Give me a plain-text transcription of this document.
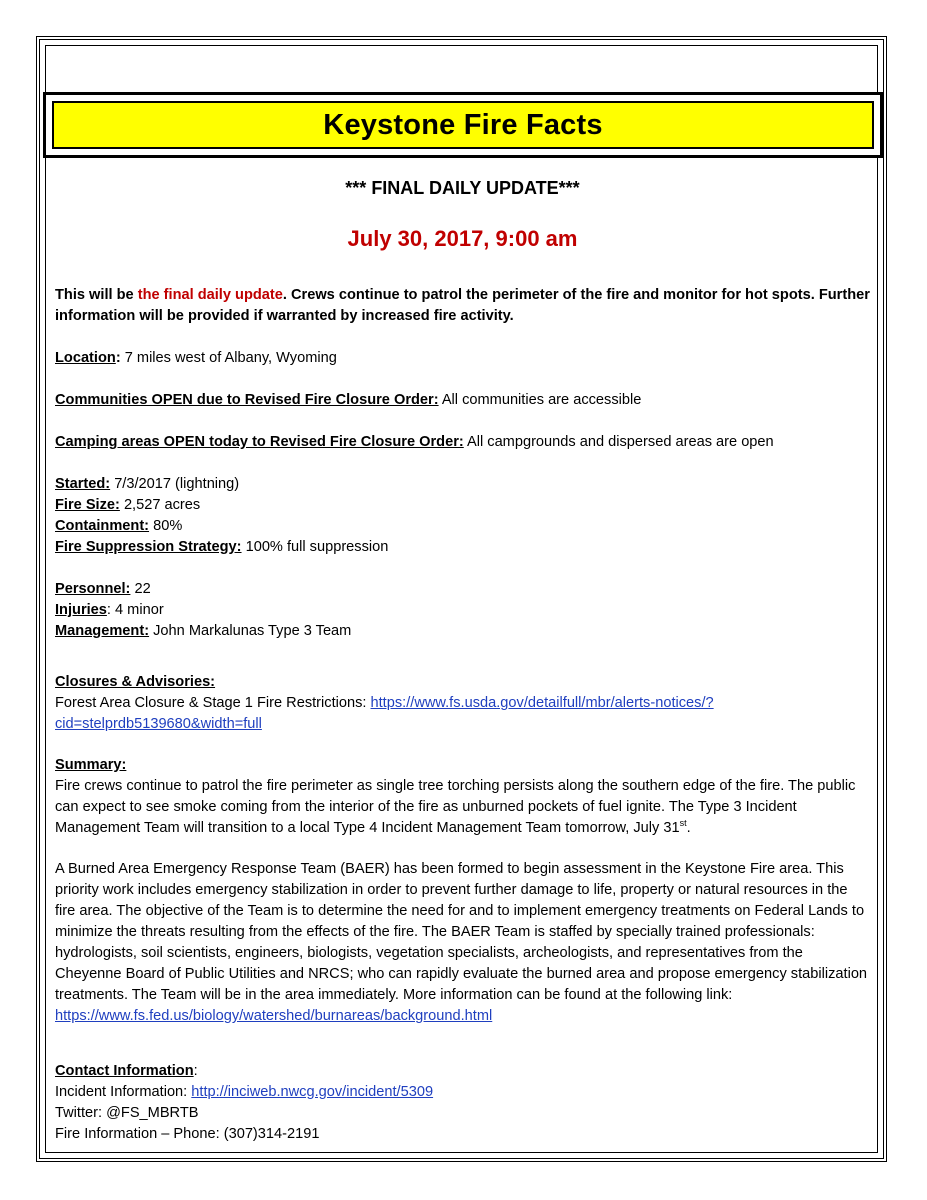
Keystone Fire Facts
*** FINAL DAILY UPDATE***
July 30, 2017, 9:00 am

This will be the final daily update. Crews continue to patrol the perimeter of the fire and monitor for hot spots. Further information will be provided if warranted by increased fire activity.

Location: 7 miles west of Albany, Wyoming

Communities OPEN due to Revised Fire Closure Order: All communities are accessible

Camping areas OPEN today to Revised Fire Closure Order: All campgrounds and dispersed areas are open

Started: 7/3/2017 (lightning)

Fire Size: 2,527 acres

Containment: 80%

Fire Suppression Strategy: 100% full suppression

Personnel: 22

Injuries: 4 minor

Management: John Markalunas Type 3 Team

Closures & Advisories:

Forest Area Closure & Stage 1 Fire Restrictions: https://www.fs.usda.gov/detailfull/mbr/alerts-notices/?cid=stelprdb5139680&width=full

Summary:

Fire crews continue to patrol the fire perimeter as single tree torching persists along the southern edge of the fire. The public can expect to see smoke coming from the interior of the fire as unburned pockets of fuel ignite. The Type 3 Incident Management Team will transition to a local Type 4 Incident Management Team tomorrow, July 31st.

A Burned Area Emergency Response Team (BAER) has been formed to begin assessment in the Keystone Fire area. This priority work includes emergency stabilization in order to prevent further damage to life, property or natural resources in the fire area. The objective of the Team is to determine the need for and to implement emergency treatments on Federal Lands to minimize the threats resulting from the effects of the fire. The BAER Team is staffed by specially trained professionals: hydrologists, soil scientists, engineers, biologists, vegetation specialists, archeologists, and representatives from the Cheyenne Board of Public Utilities and NRCS; who can rapidly evaluate the burned area and propose emergency stabilization treatments. The Team will be in the area immediately. More information can be found at the following link: https://www.fs.fed.us/biology/watershed/burnareas/background.html

Contact Information:

Incident Information: http://inciweb.nwcg.gov/incident/5309

Twitter: @FS_MBRTB

Fire Information – Phone: (307)314-2191
